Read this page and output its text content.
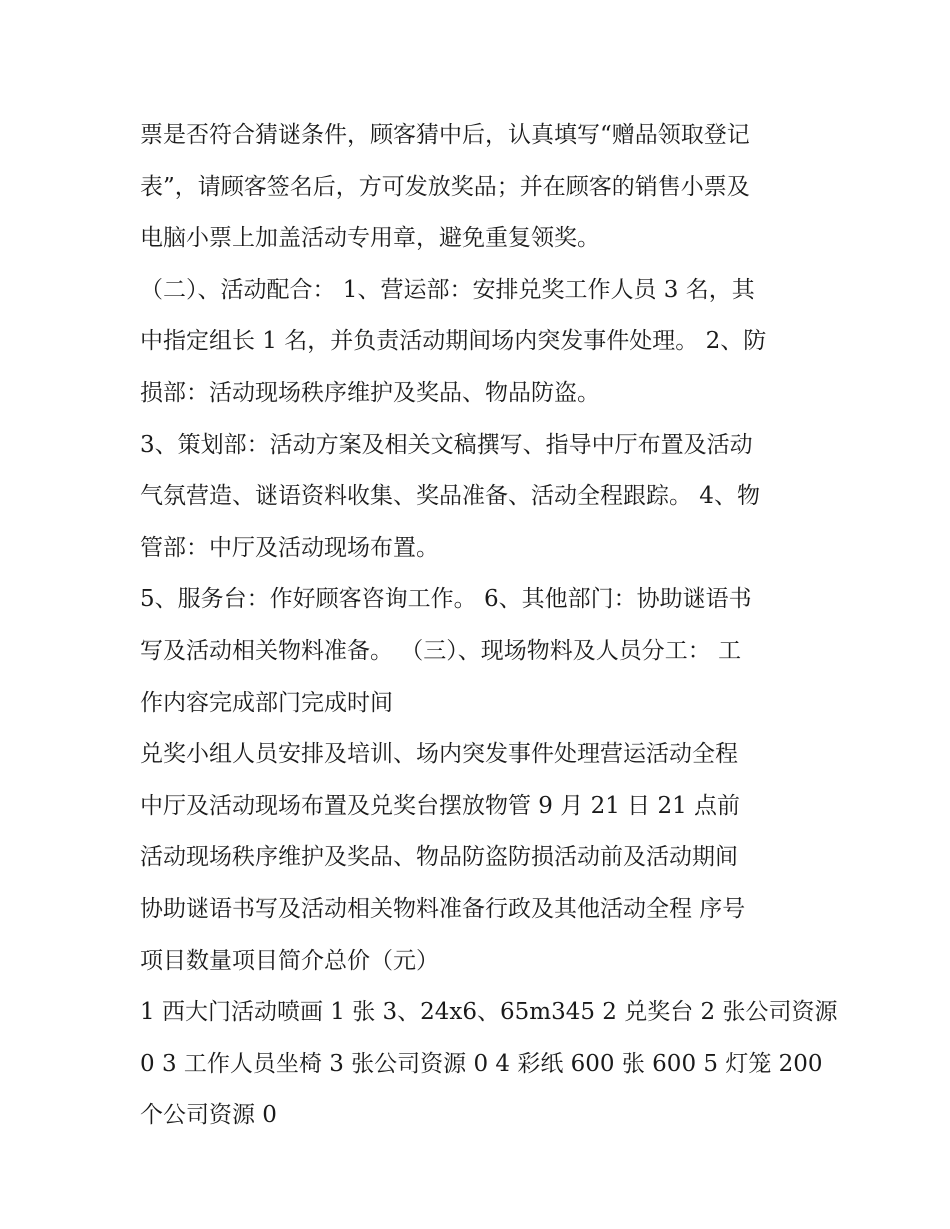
票是否符合猜谜条件，顾客猜中后，认真填写“赠品领取登记
表”，请顾客签名后，方可发放奖品；并在顾客的销售小票及
电脑小票上加盖活动专用章，避免重复领奖。
（二）、活动配合： 1、营运部：安排兑奖工作人员 3 名，其
中指定组长 1 名，并负责活动期间场内突发事件处理。 2、防
损部：活动现场秩序维护及奖品、物品防盗。
3、策划部：活动方案及相关文稿撰写、指导中厅布置及活动
气氛营造、谜语资料收集、奖品准备、活动全程跟踪。 4、物
管部：中厅及活动现场布置。
5、服务台：作好顾客咨询工作。 6、其他部门：协助谜语书
写及活动相关物料准备。 （三）、现场物料及人员分工： 工
作内容完成部门完成时间
兑奖小组人员安排及培训、场内突发事件处理营运活动全程
中厅及活动现场布置及兑奖台摆放物管 9 月 21 日 21 点前
活动现场秩序维护及奖品、物品防盗防损活动前及活动期间
协助谜语书写及活动相关物料准备行政及其他活动全程 序号
项目数量项目简介总价（元）
1 西大门活动喷画 1 张 3、24x6、65m345 2 兑奖台 2 张公司资源
0 3 工作人员坐椅 3 张公司资源 0 4 彩纸 600 张 600 5 灯笼 200
个公司资源 0
